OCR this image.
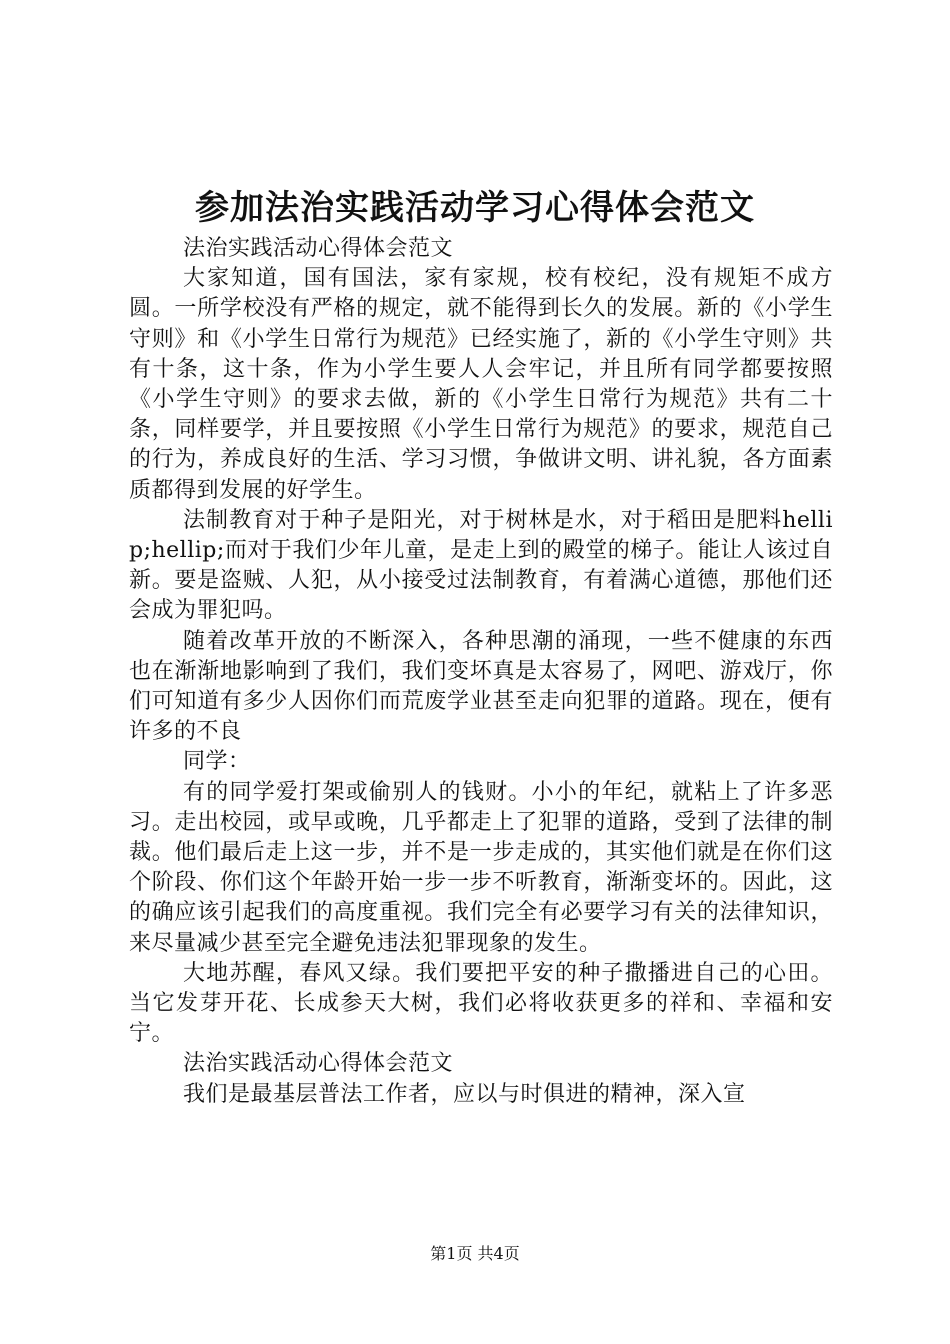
参加法治实践活动学习心得体会范文

法治实践活动心得体会范文

大家知道，国有国法，家有家规，校有校纪，没有规矩不成方圆。一所学校没有严格的规定，就不能得到长久的发展。新的《小学生守则》和《小学生日常行为规范》已经实施了，新的《小学生守则》共有十条，这十条，作为小学生要人人会牢记，并且所有同学都要按照《小学生守则》的要求去做，新的《小学生日常行为规范》共有二十条，同样要学，并且要按照《小学生日常行为规范》的要求，规范自己的行为，养成良好的生活、学习习惯，争做讲文明、讲礼貌，各方面素质都得到发展的好学生。

法制教育对于种子是阳光，对于树林是水，对于稻田是肥料hellip;hellip;而对于我们少年儿童，是走上到的殿堂的梯子。能让人该过自新。要是盗贼、人犯，从小接受过法制教育，有着满心道德，那他们还会成为罪犯吗。

随着改革开放的不断深入，各种思潮的涌现，一些不健康的东西也在渐渐地影响到了我们，我们变坏真是太容易了，网吧、游戏厅，你们可知道有多少人因你们而荒废学业甚至走向犯罪的道路。现在，便有许多的不良

同学：

有的同学爱打架或偷别人的钱财。小小的年纪，就粘上了许多恶习。走出校园，或早或晚，几乎都走上了犯罪的道路，受到了法律的制裁。他们最后走上这一步，并不是一步走成的，其实他们就是在你们这个阶段、你们这个年龄开始一步一步不听教育，渐渐变坏的。因此，这的确应该引起我们的高度重视。我们完全有必要学习有关的法律知识，来尽量减少甚至完全避免违法犯罪现象的发生。

大地苏醒，春风又绿。我们要把平安的种子撒播进自己的心田。当它发芽开花、长成参天大树，我们必将收获更多的祥和、幸福和安宁。

法治实践活动心得体会范文

我们是最基层普法工作者，应以与时俱进的精神，深入宣

第1页 共4页
